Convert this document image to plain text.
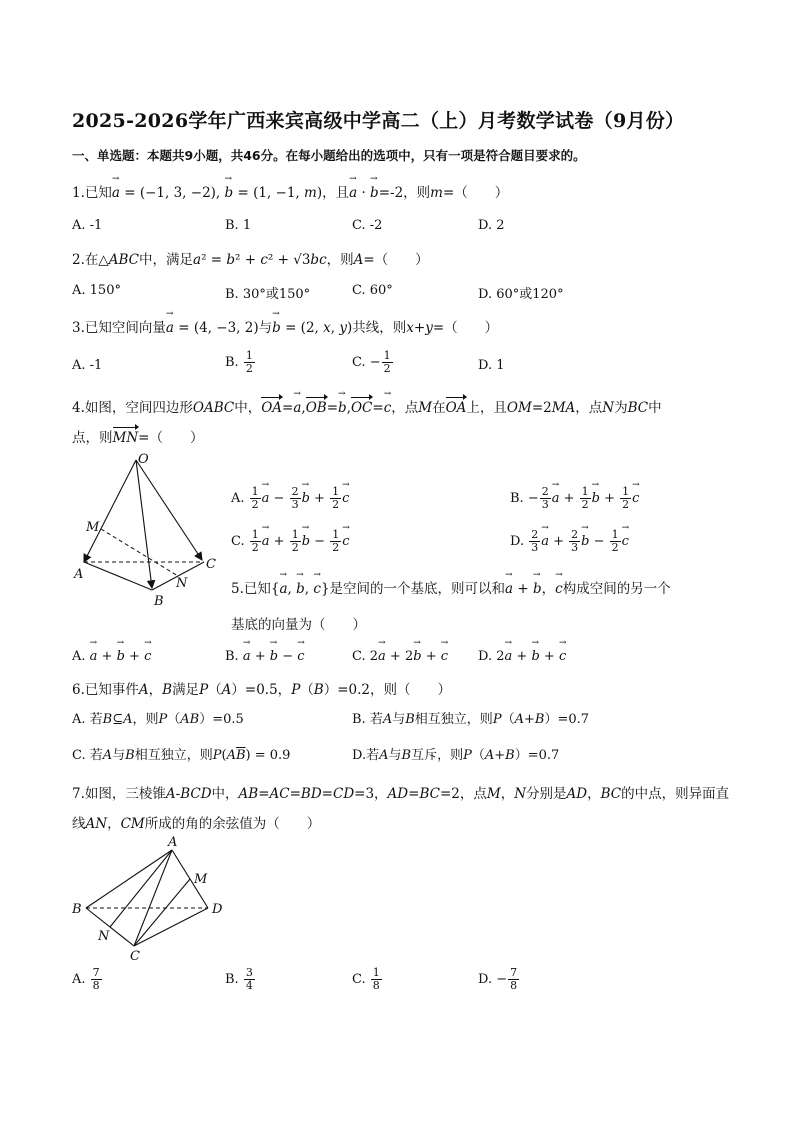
2025-2026学年广西来宾高级中学高二（上）月考数学试卷（9月份）
一、单选题：本题共9小题，共46分。在每小题给出的选项中，只有一项是符合题目要求的。
1.已知→ a = (−1, 3, −2), → b = (1, −1, m)，且→ a · → b=-2，则m=（　　）
A. -1	B. 1	C. -2	D. 2
2.在△ABC中，满足a² = b² + c² + √3bc，则A=（　　）
A. 150°	B. 30°或150°	C. 60°	D. 60°或120°
3.已知空间向量→ a = (4, −3, 2)与→ b = (2, x, y)共线，则x+y=（　　）
A. -1	B. $\frac{1}{2}$	C. − $\frac{1}{2}$	D. 1
4.如图，空间四边形OABC中，OA=→ a,OB=→ b,OC=→ c，点M在OA上，且OM=2MA，点N为BC中
点，则MN=（　　）
O
M
A
N
B
C
A. $\frac{1}{2} \to a - \frac{2}{3} \to b + \frac{1}{2} \to c$	B. − $\frac{2}{3} \to a + \frac{1}{2} \to b + \frac{1}{2} \to c$
C. $\frac{1}{2} \to a + \frac{1}{2} \to b - \frac{1}{2} \to c$	D. $\frac{2}{3} \to a + \frac{2}{3} \to b - \frac{1}{2} \to c$
5.已知{→ a, → b, → c}是空间的一个基底，则可以和→ a + → b，→ c构成空间的另一个
基底的向量为（　　）
A. → a + → b + → c	B. → a + → b − → c	C. 2→ a + 2→ b + → c D. 2→ a + → b + → c
6.已知事件A，B满足P（A）=0.5，P（B）=0.2，则（　　）
A. 若B⊆A，则P（AB）=0.5	B. 若A与B相互独立，则P（A+B）=0.7
C. 若A与B相互独立，则$P(A\overline{B}) = 0.9$	D.若A与B互斥，则P（A+B）=0.7
7.如图，三棱锥A-BCD中，AB=AC=BD=CD=3，AD=BC=2，点M，N分别是AD，BC的中点，则异面直
线AN，CM所成的角的余弦值为（　　）
A
M
B	D
N
C
A. $\frac{7}{8}$	B. $\frac{3}{4}$	C. $\frac{1}{8}$	D. − $\frac{7}{8}$
